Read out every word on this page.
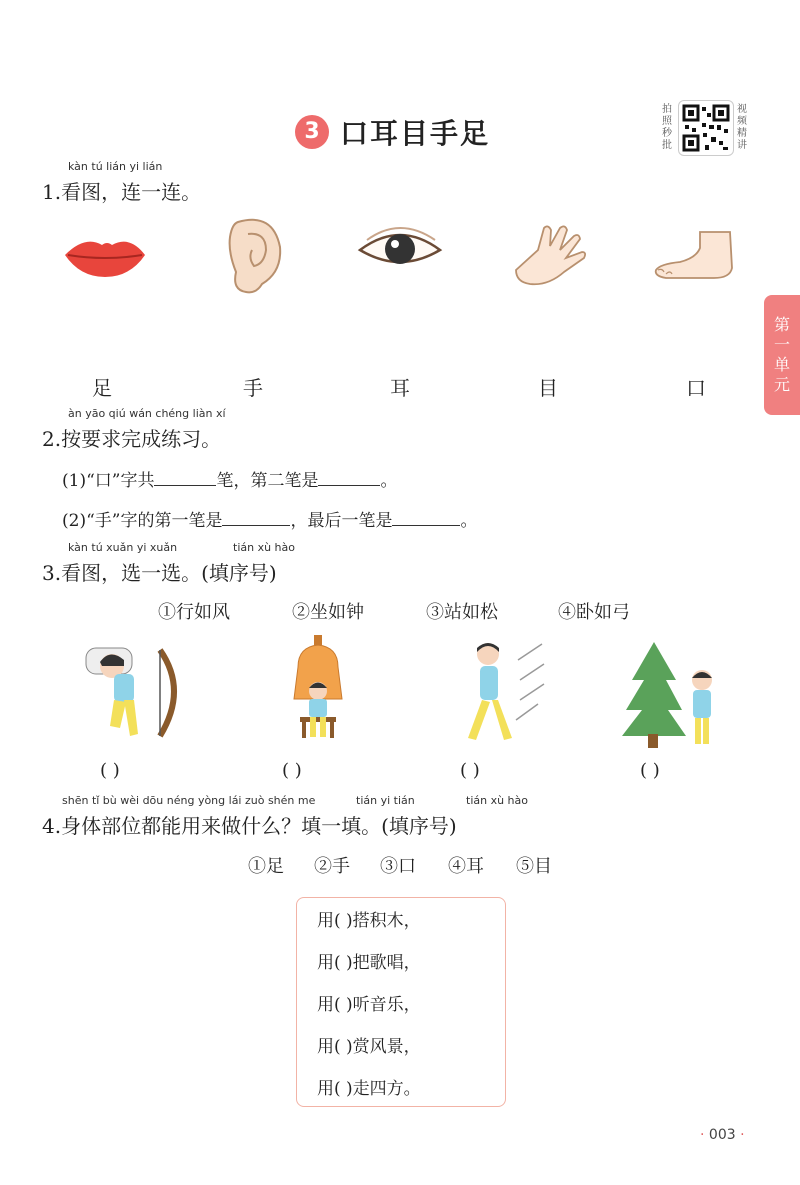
3 口耳目手足
拍照秒批
视频精讲
第一单元
kàn tú lián yi lián
1.看图，连一连。
足	手	耳	目	口
àn yāo qiú wán chéng liàn xí
2.按要求完成练习。
(1)“口”字共	笔，第二笔是	。
(2)“手”字的第一笔是	，最后一笔是	。
kàn tú xuǎn yi xuǎn	tián xù hào
3.看图，选一选。(填序号)
①行如风	②坐如钟	③站如松	④卧如弓
( )	( )	( )	( )
shēn tǐ bù wèi dōu néng yòng lái zuò shén me	tián yi tián	tián xù hào
4.身体部位都能用来做什么？填一填。(填序号)
①足 ②手 ③口 ④耳 ⑤目
用( )搭积木，
用( )把歌唱，
用( )听音乐，
用( )赏风景，
用( )走四方。
· 003 ·
